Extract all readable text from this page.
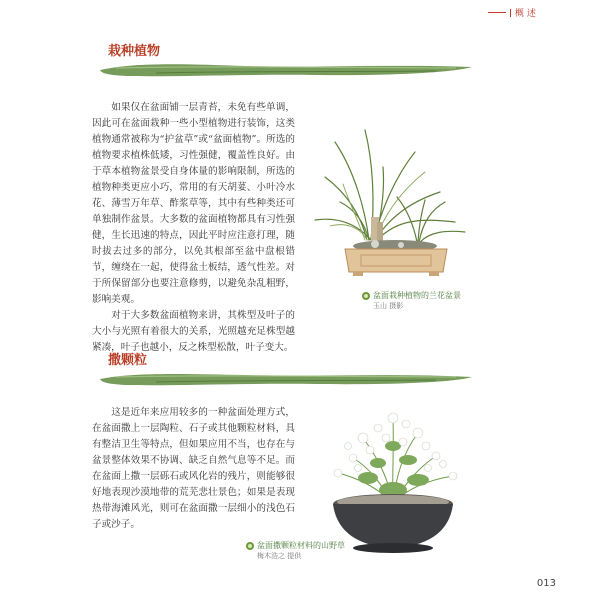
概 述
栽种植物

如果仅在盆面铺一层青苔，未免有些单调，因此可在盆面栽种一些小型植物进行装饰，这类植物通常被称为“护盆草”或“盆面植物”。所选的植物要求植株低矮，习性强健，覆盖性良好。由于草本植物盆景受自身体量的影响限制，所选的植物种类更应小巧，常用的有天胡荽、小叶冷水花、薄雪万年草、酢浆草等，其中有些种类还可单独制作盆景。大多数的盆面植物都具有习性强健，生长迅速的特点，因此平时应注意打理，随时拔去过多的部分，以免其根部至盆中盘根错节，缠绕在一起，使得盆土板结，透气性差。对于所保留部分也要注意修剪，以避免杂乱粗野，影响美观。

对于大多数盆面植物来讲，其株型及叶子的大小与光照有着很大的关系，光照越充足株型越紧凑，叶子也越小，反之株型松散，叶子变大。

盆面栽种植物的兰花盆景
玉山 摄影
撒颗粒

这是近年来应用较多的一种盆面处理方式，在盆面撒上一层陶粒、石子或其他颗粒材料，具有整洁卫生等特点，但如果应用不当，也存在与盆景整体效果不协调、缺乏自然气息等不足。而在盆面上撒一层砾石或风化岩的残片，则能够很好地表现沙漠地带的荒芜悲壮景色；如果是表现热带海滩风光，则可在盆面撒一层细小的浅色石子或沙子。

盆面撒颗粒材料的山野草
梅木浩之 提供
013
